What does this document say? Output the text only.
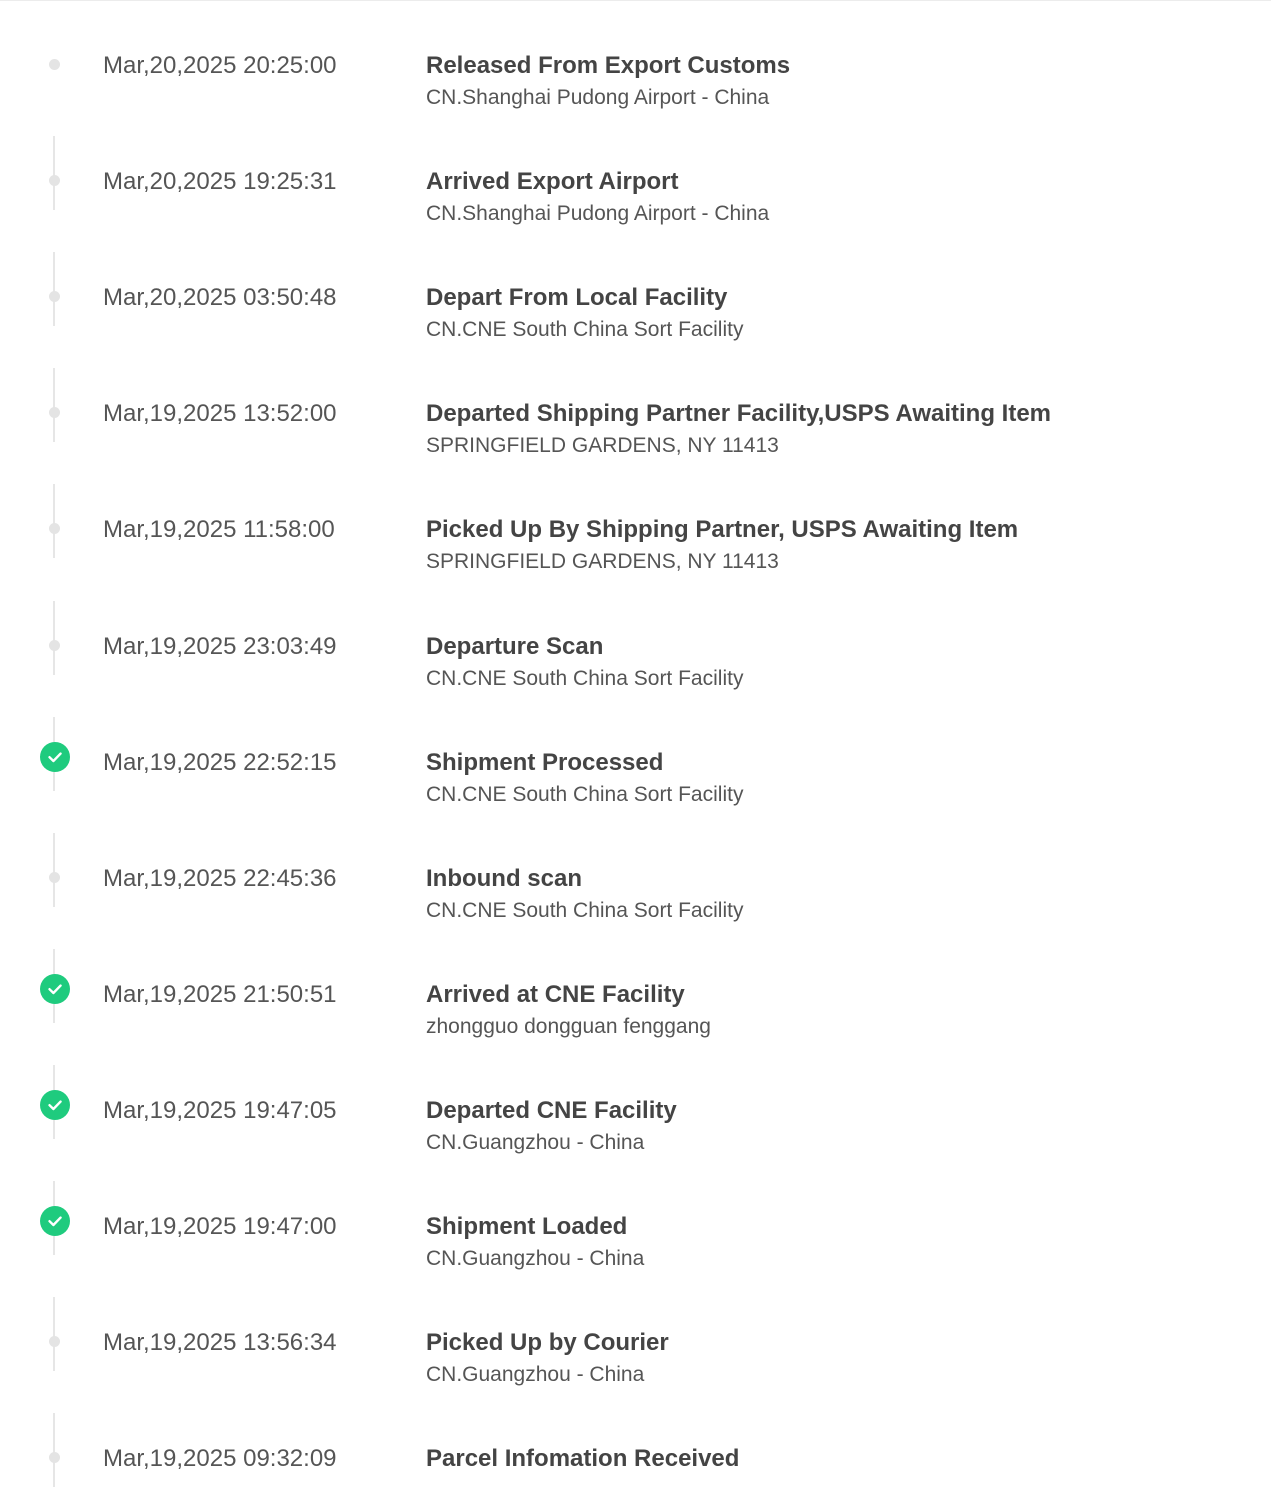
Mar,20,2025 20:25:00	Released From Export Customs
CN.Shanghai Pudong Airport - China
Mar,20,2025 19:25:31	Arrived Export Airport
CN.Shanghai Pudong Airport - China
Mar,20,2025 03:50:48	Depart From Local Facility
CN.CNE South China Sort Facility
Mar,19,2025 13:52:00	Departed Shipping Partner Facility,USPS Awaiting Item
SPRINGFIELD GARDENS, NY 11413
Mar,19,2025 11:58:00	Picked Up By Shipping Partner, USPS Awaiting Item
SPRINGFIELD GARDENS, NY 11413
Mar,19,2025 23:03:49	Departure Scan
CN.CNE South China Sort Facility
Mar,19,2025 22:52:15	Shipment Processed
CN.CNE South China Sort Facility
Mar,19,2025 22:45:36	Inbound scan
CN.CNE South China Sort Facility
Mar,19,2025 21:50:51	Arrived at CNE Facility
zhongguo dongguan fenggang
Mar,19,2025 19:47:05	Departed CNE Facility
CN.Guangzhou - China
Mar,19,2025 19:47:00	Shipment Loaded
CN.Guangzhou - China
Mar,19,2025 13:56:34	Picked Up by Courier
CN.Guangzhou - China
Mar,19,2025 09:32:09	Parcel Infomation Received
